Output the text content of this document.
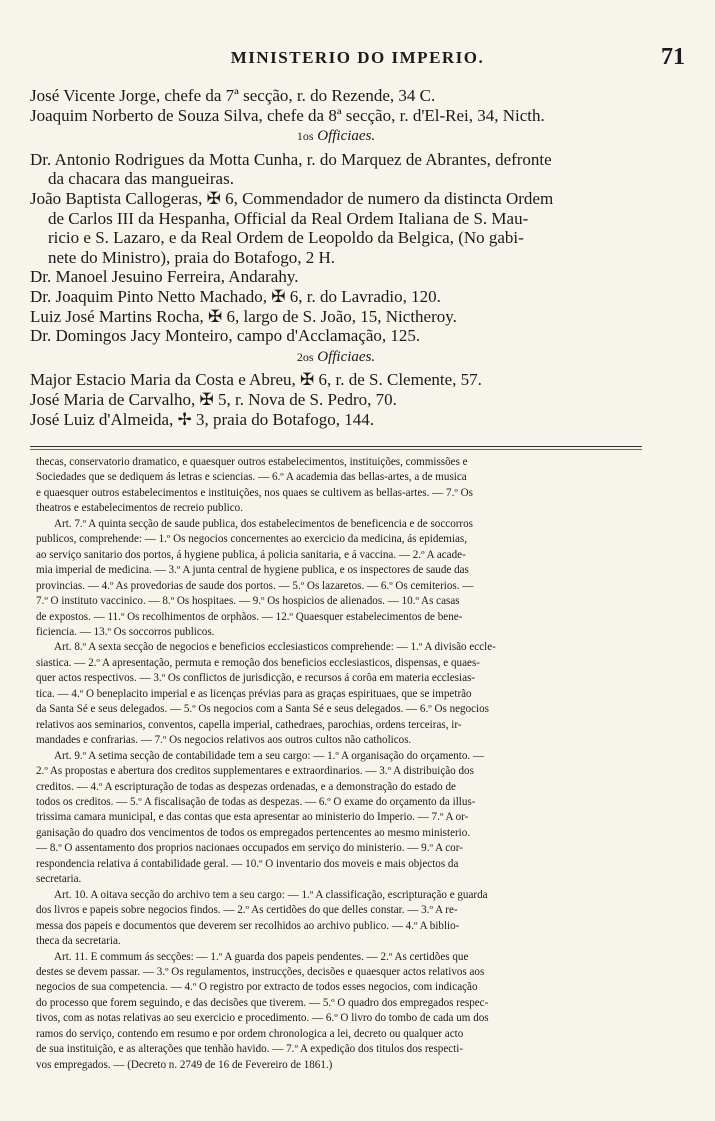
MINISTERIO DO IMPERIO.	71
José Vicente Jorge, chefe da 7ª secção, r. do Rezende, 34 C.
Joaquim Norberto de Souza Silva, chefe da 8ª secção, r. d'El-Rei, 34, Nicth.
1os Officiaes.
Dr. Antonio Rodrigues da Motta Cunha, r. do Marquez de Abrantes, defronte
da chacara das mangueiras.
João Baptista Callogeras, ✠ 6, Commendador de numero da distincta Ordem
de Carlos III da Hespanha, Official da Real Ordem Italiana de S. Mau-
ricio e S. Lazaro, e da Real Ordem de Leopoldo da Belgica, (No gabi-
nete do Ministro), praia do Botafogo, 2 H.
Dr. Manoel Jesuino Ferreira, Andarahy.
Dr. Joaquim Pinto Netto Machado, ✠ 6, r. do Lavradio, 120.
Luiz José Martins Rocha, ✠ 6, largo de S. João, 15, Nictheroy.
Dr. Domingos Jacy Monteiro, campo d'Acclamação, 125.
2os Officiaes.
Major Estacio Maria da Costa e Abreu, ✠ 6, r. de S. Clemente, 57.
José Maria de Carvalho, ✠ 5, r. Nova de S. Pedro, 70.
José Luiz d'Almeida, ✢ 3, praia do Botafogo, 144.
thecas, conservatorio dramatico, e quaesquer outros estabelecimentos, instituições, commissões e
Sociedades que se dediquem ás letras e sciencias. — 6.º A academia das bellas-artes, a de musica
e quaesquer outros estabelecimentos e instituições, nos quaes se cultivem as bellas-artes. — 7.º Os
theatros e estabelecimentos de recreio publico.
Art. 7.º A quinta secção de saude publica, dos estabelecimentos de beneficencia e de soccorros
publicos, comprehende: — 1.º Os negocios concernentes ao exercicio da medicina, ás epidemias,
ao serviço sanitario dos portos, á hygiene publica, á policia sanitaria, e á vaccina. — 2.º A acade-
mia imperial de medicina. — 3.º A junta central de hygiene publica, e os inspectores de saude das
provincias. — 4.º As provedorias de saude dos portos. — 5.º Os lazaretos. — 6.º Os cemiterios. —
7.º O instituto vaccinico. — 8.º Os hospitaes. — 9.º Os hospicios de alienados. — 10.º As casas
de expostos. — 11.º Os recolhimentos de orphãos. — 12.º Quaesquer estabelecimentos de bene-
ficiencia. — 13.º Os soccorros publicos.
Art. 8.º A sexta secção de negocios e beneficios ecclesiasticos comprehende: — 1.º A divisão eccle-
siastica. — 2.º A apresentação, permuta e remoção dos beneficios ecclesiasticos, dispensas, e quaes-
quer actos respectivos. — 3.º Os conflictos de jurisdicção, e recursos á corôa em materia ecclesias-
tica. — 4.º O beneplacito imperial e as licenças prévias para as graças espirituaes, que se impetrão
da Santa Sé e seus delegados. — 5.º Os negocios com a Santa Sé e seus delegados. — 6.º Os negocios
relativos aos seminarios, conventos, capella imperial, cathedraes, parochias, ordens terceiras, ir-
mandades e confrarias. — 7.º Os negocios relativos aos outros cultos não catholicos.
Art. 9.º A setima secção de contabilidade tem a seu cargo: — 1.º A organisação do orçamento. —
2.º As propostas e abertura dos creditos supplementares e extraordinarios. — 3.º A distribuição dos
creditos. — 4.º A escripturação de todas as despezas ordenadas, e a demonstração do estado de
todos os creditos. — 5.º A fiscalisação de todas as despezas. — 6.º O exame do orçamento da illus-
trissima camara municipal, e das contas que esta apresentar ao ministerio do Imperio. — 7.º A or-
ganisação do quadro dos vencimentos de todos os empregados pertencentes ao mesmo ministerio.
— 8.º O assentamento dos proprios nacionaes occupados em serviço do ministerio. — 9.º A cor-
respondencia relativa á contabilidade geral. — 10.º O inventario dos moveis e mais objectos da
secretaria.
Art. 10. A oitava secção do archivo tem a seu cargo: — 1.º A classificação, escripturação e guarda
dos livros e papeis sobre negocios findos. — 2.º As certidões do que delles constar. — 3.º A re-
messa dos papeis e documentos que deverem ser recolhidos ao archivo publico. — 4.º A biblio-
theca da secretaria.
Art. 11. E commum ás secções: — 1.º A guarda dos papeis pendentes. — 2.º As certidões que
destes se devem passar. — 3.º Os regulamentos, instrucções, decisões e quaesquer actos relativos aos
negocios de sua competencia. — 4.º O registro por extracto de todos esses negocios, com indicação
do processo que forem seguindo, e das decisões que tiverem. — 5.º O quadro dos empregados respec-
tivos, com as notas relativas ao seu exercicio e procedimento. — 6.º O livro do tombo de cada um dos
ramos do serviço, contendo em resumo e por ordem chronologica a lei, decreto ou qualquer acto
de sua instituição, e as alterações que tenhão havido. — 7.º A expedição dos titulos dos respecti-
vos empregados. — (Decreto n. 2749 de 16 de Fevereiro de 1861.)
